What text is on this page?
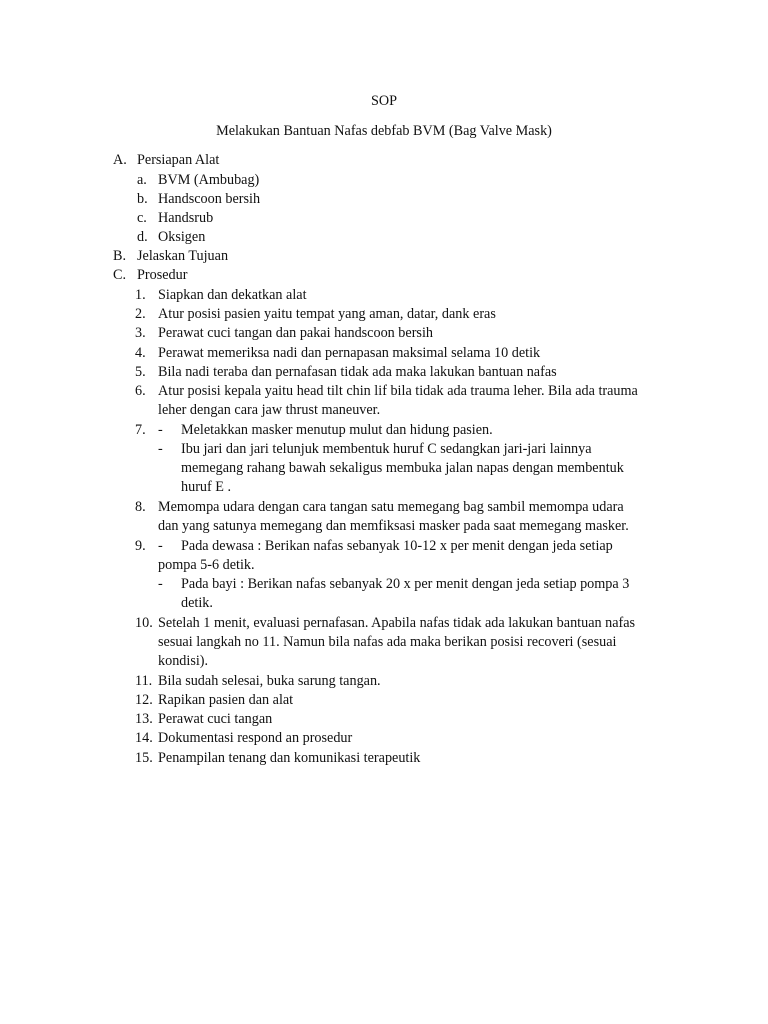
SOP
Melakukan Bantuan Nafas debfab BVM (Bag Valve Mask)
A. Persiapan Alat
a. BVM (Ambubag)
b. Handscoon bersih
c. Handsrub
d. Oksigen
B. Jelaskan Tujuan
C. Prosedur
1. Siapkan dan dekatkan alat
2. Atur posisi pasien yaitu tempat yang aman, datar, dank eras
3. Perawat cuci tangan dan pakai handscoon bersih
4. Perawat memeriksa nadi dan pernapasan maksimal selama 10 detik
5. Bila nadi teraba dan pernafasan tidak ada maka lakukan bantuan nafas
6. Atur posisi kepala yaitu head tilt chin lif bila tidak ada trauma leher. Bila ada trauma
leher dengan cara jaw thrust maneuver.
7. - Meletakkan masker menutup mulut dan hidung pasien.
- Ibu jari dan jari telunjuk membentuk huruf C sedangkan jari-jari lainnya
memegang rahang bawah sekaligus membuka jalan napas dengan membentuk
huruf E .
8. Memompa udara dengan cara tangan satu memegang bag sambil memompa udara
dan yang satunya memegang dan memfiksasi masker pada saat memegang masker.
9. - Pada dewasa : Berikan nafas sebanyak 10-12 x per menit dengan jeda setiap
pompa 5-6 detik.
- Pada bayi : Berikan nafas sebanyak 20 x per menit dengan jeda setiap pompa 3
detik.
10. Setelah 1 menit, evaluasi pernafasan. Apabila nafas tidak ada lakukan bantuan nafas
sesuai langkah no 11. Namun bila nafas ada maka berikan posisi recoveri (sesuai
kondisi).
11. Bila sudah selesai, buka sarung tangan.
12. Rapikan pasien dan alat
13. Perawat cuci tangan
14. Dokumentasi respond an prosedur
15. Penampilan tenang dan komunikasi terapeutik
